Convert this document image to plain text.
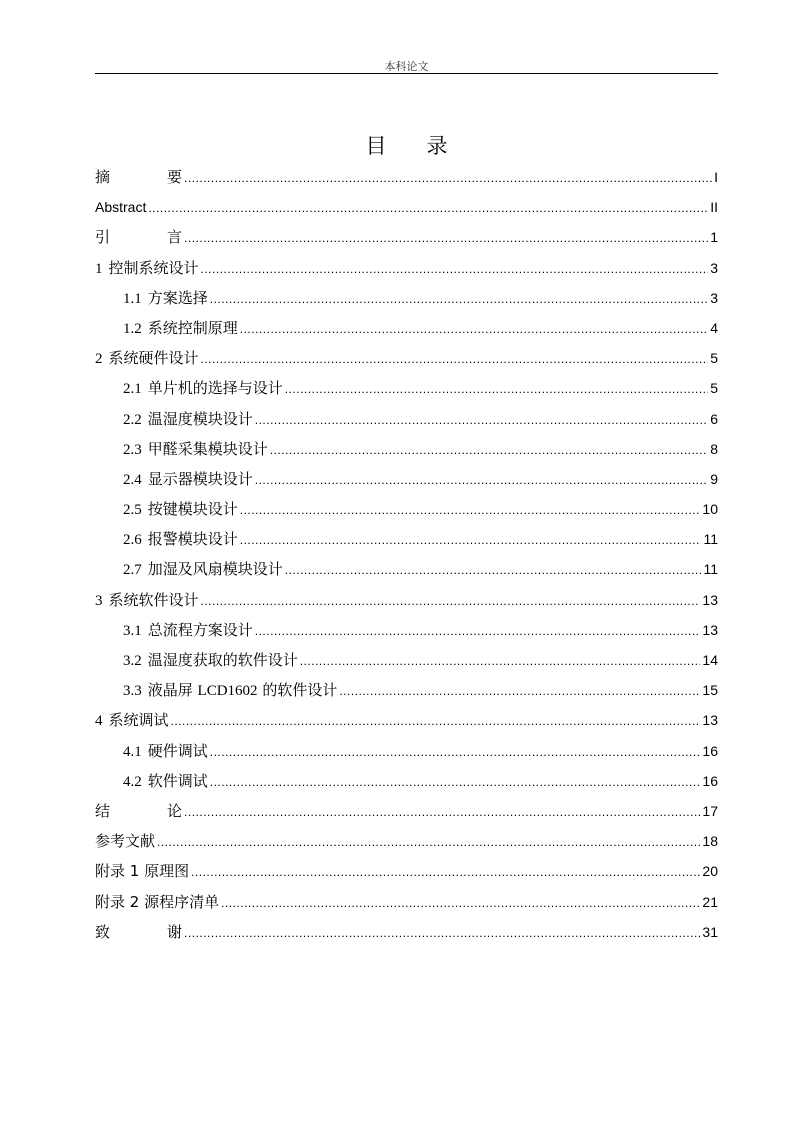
本科论文
目 录
摘	要 .....	I
Abstract .....	II
引	言 .....	1
1 控制系统设计 .....	3
1.1 方案选择 .....	3
1.2 系统控制原理 .....	4
2 系统硬件设计 .....	5
2.1 单片机的选择与设计 .....	5
2.2 温湿度模块设计 .....	6
2.3 甲醛采集模块设计 .....	8
2.4 显示器模块设计 .....	9
2.5 按键模块设计 .....	10
2.6 报警模块设计 .....	11
2.7 加湿及风扇模块设计 .....	11
3 系统软件设计 .....	13
3.1 总流程方案设计 .....	13
3.2 温湿度获取的软件设计 .....	14
3.3 液晶屏 LCD1602 的软件设计 .....	15
4 系统调试 .....	13
4.1 硬件调试 .....	16
4.2 软件调试 .....	16
结	论 .....	17
参考文献 .....	18
附录 1 原理图 .....	20
附录 2 源程序清单 .....	21
致	谢 .....	31
